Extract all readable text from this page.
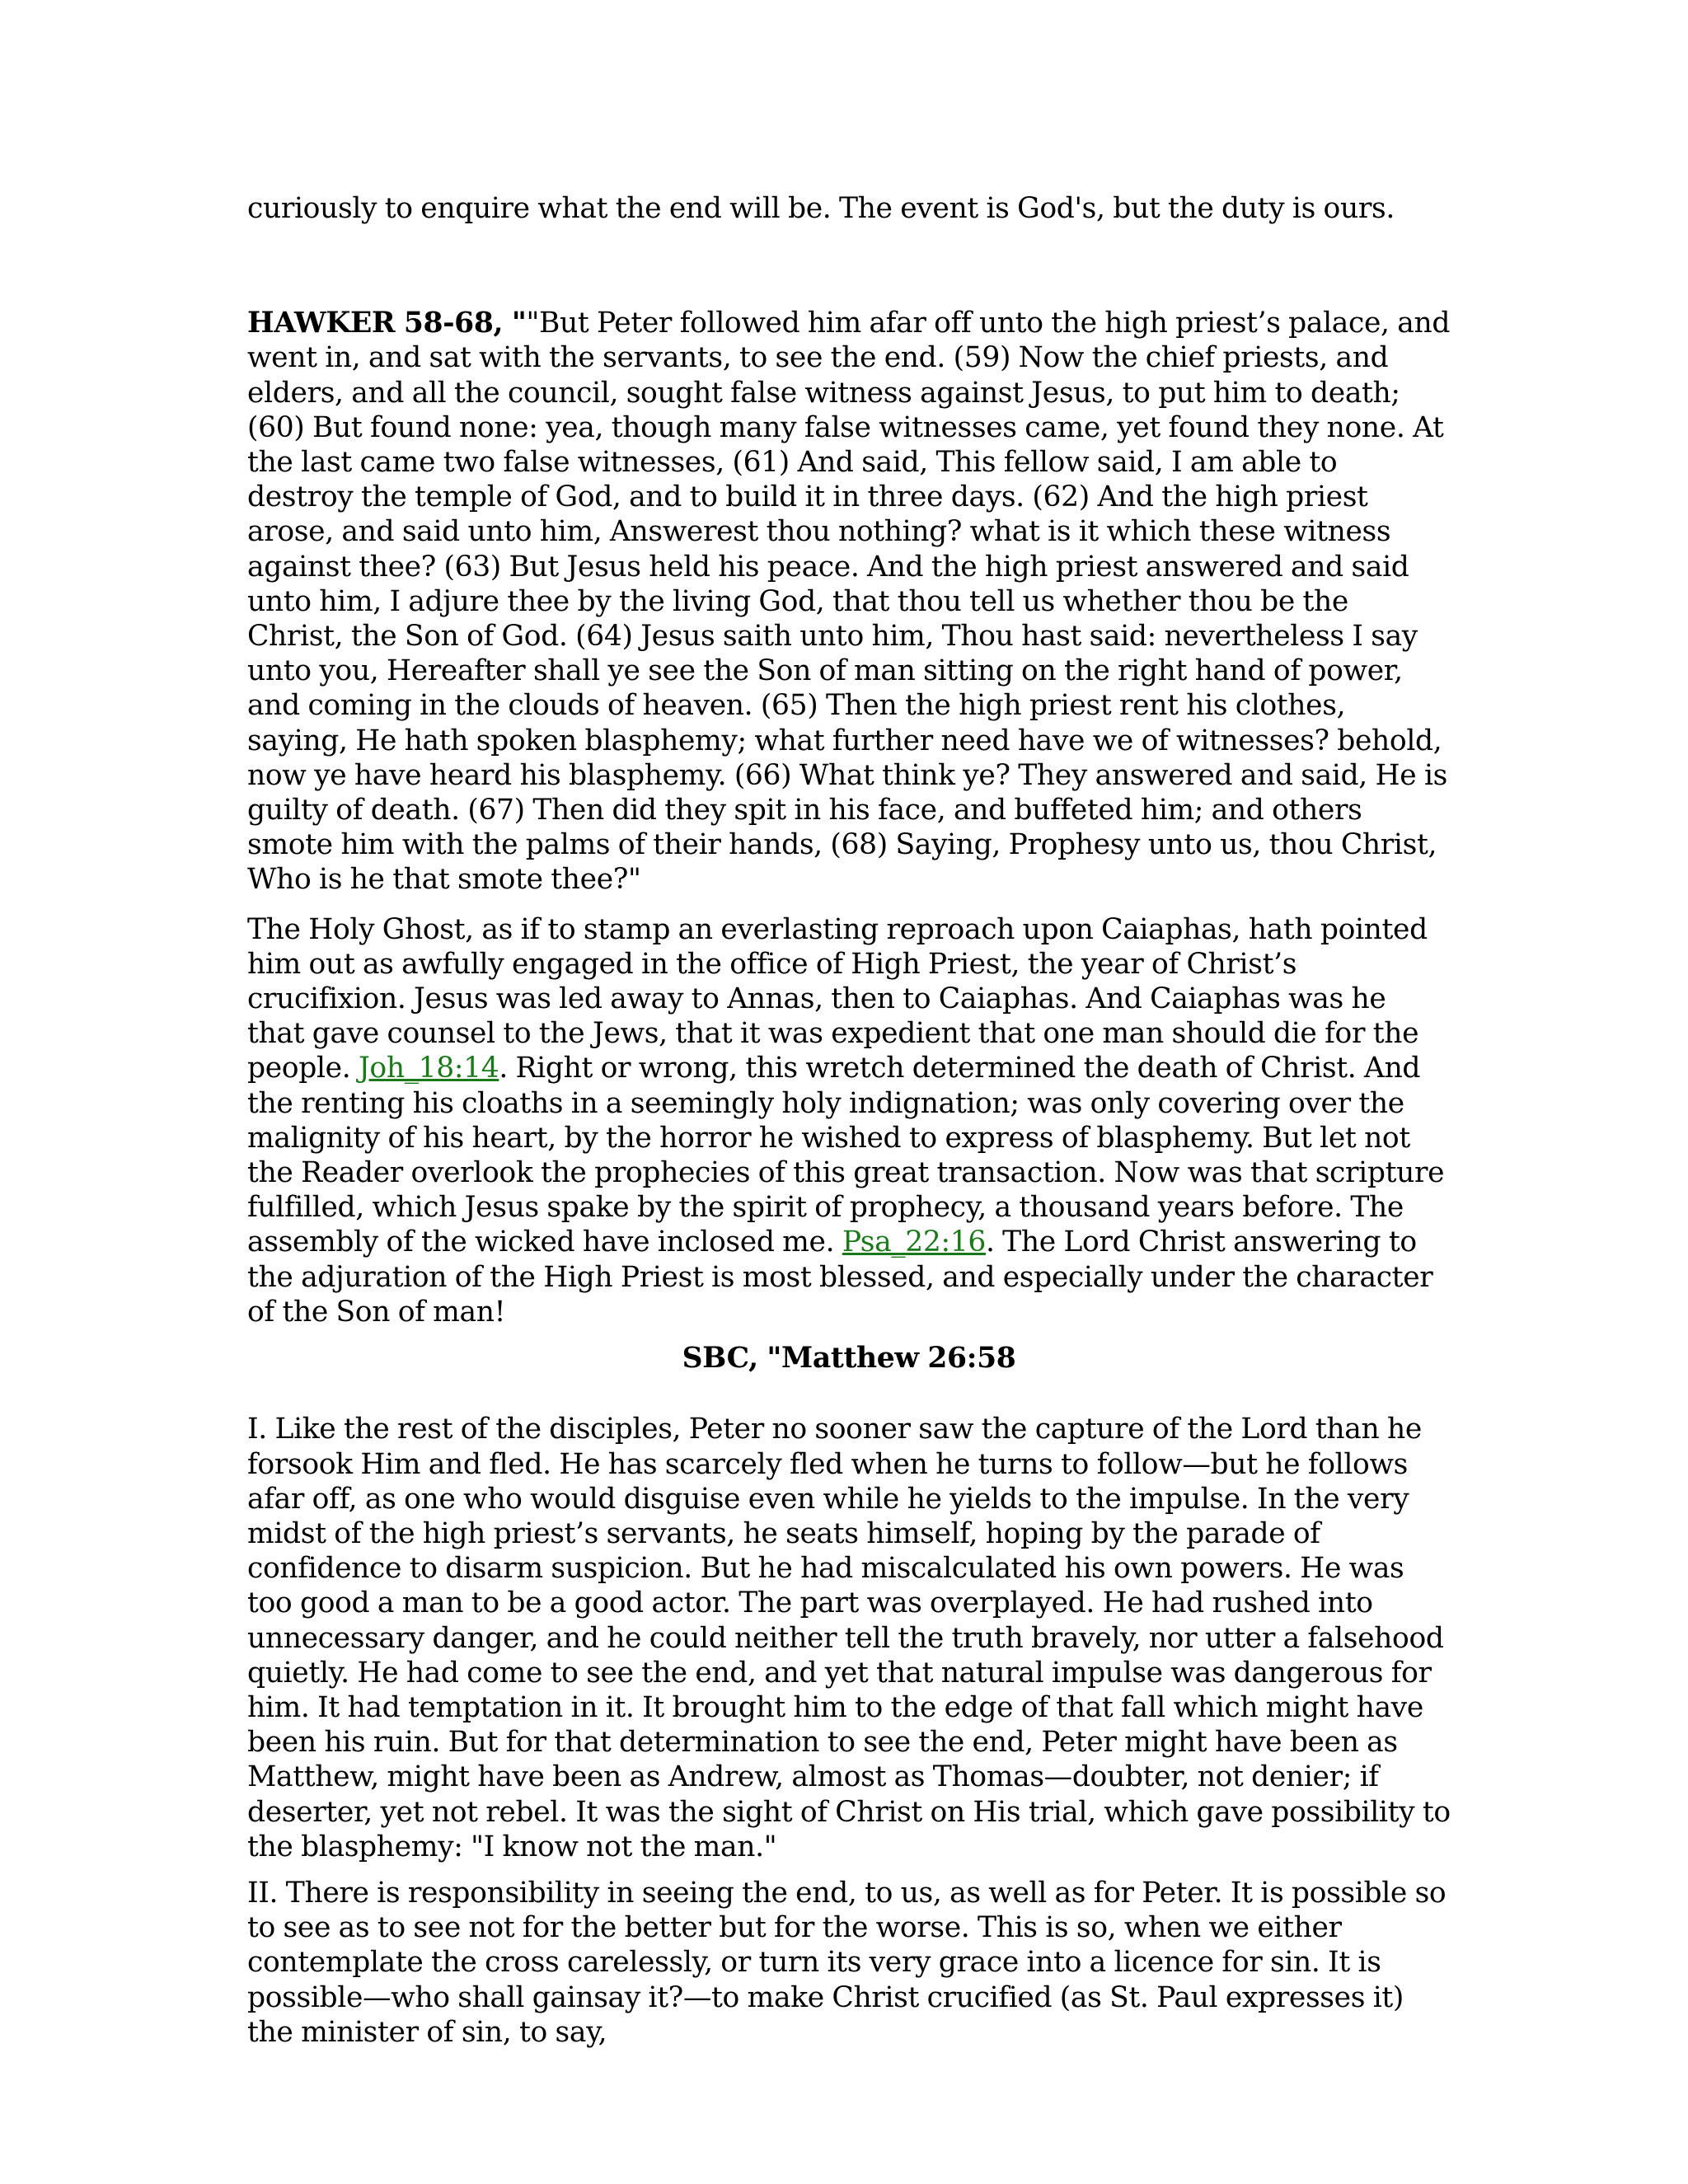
curiously to enquire what the end will be. The event is God's, but the duty is ours.

HAWKER 58-68, ""But Peter followed him afar off unto the high priest’s palace, and went in, and sat with the servants, to see the end. (59) Now the chief priests, and elders, and all the council, sought false witness against Jesus, to put him to death; (60) But found none: yea, though many false witnesses came, yet found they none. At the last came two false witnesses, (61) And said, This fellow said, I am able to destroy the temple of God, and to build it in three days. (62) And the high priest arose, and said unto him, Answerest thou nothing? what is it which these witness against thee? (63) But Jesus held his peace. And the high priest answered and said unto him, I adjure thee by the living God, that thou tell us whether thou be the Christ, the Son of God. (64) Jesus saith unto him, Thou hast said: nevertheless I say unto you, Hereafter shall ye see the Son of man sitting on the right hand of power, and coming in the clouds of heaven. (65) Then the high priest rent his clothes, saying, He hath spoken blasphemy; what further need have we of witnesses? behold, now ye have heard his blasphemy. (66) What think ye? They answered and said, He is guilty of death. (67) Then did they spit in his face, and buffeted him; and others smote him with the palms of their hands, (68) Saying, Prophesy unto us, thou Christ, Who is he that smote thee?"

The Holy Ghost, as if to stamp an everlasting reproach upon Caiaphas, hath pointed him out as awfully engaged in the office of High Priest, the year of Christ’s crucifixion. Jesus was led away to Annas, then to Caiaphas. And Caiaphas was he that gave counsel to the Jews, that it was expedient that one man should die for the people. Joh_18:14. Right or wrong, this wretch determined the death of Christ. And the renting his cloaths in a seemingly holy indignation; was only covering over the malignity of his heart, by the horror he wished to express of blasphemy. But let not the Reader overlook the prophecies of this great transaction. Now was that scripture fulfilled, which Jesus spake by the spirit of prophecy, a thousand years before. The assembly of the wicked have inclosed me. Psa_22:16. The Lord Christ answering to the adjuration of the High Priest is most blessed, and especially under the character of the Son of man!

SBC, "Matthew 26:58

I. Like the rest of the disciples, Peter no sooner saw the capture of the Lord than he forsook Him and fled. He has scarcely fled when he turns to follow—but he follows afar off, as one who would disguise even while he yields to the impulse. In the very midst of the high priest’s servants, he seats himself, hoping by the parade of confidence to disarm suspicion. But he had miscalculated his own powers. He was too good a man to be a good actor. The part was overplayed. He had rushed into unnecessary danger, and he could neither tell the truth bravely, nor utter a falsehood quietly. He had come to see the end, and yet that natural impulse was dangerous for him. It had temptation in it. It brought him to the edge of that fall which might have been his ruin. But for that determination to see the end, Peter might have been as Matthew, might have been as Andrew, almost as Thomas—doubter, not denier; if deserter, yet not rebel. It was the sight of Christ on His trial, which gave possibility to the blasphemy: "I know not the man."

II. There is responsibility in seeing the end, to us, as well as for Peter. It is possible so to see as to see not for the better but for the worse. This is so, when we either contemplate the cross carelessly, or turn its very grace into a licence for sin. It is possible—who shall gainsay it?—to make Christ crucified (as St. Paul expresses it) the minister of sin, to say,
